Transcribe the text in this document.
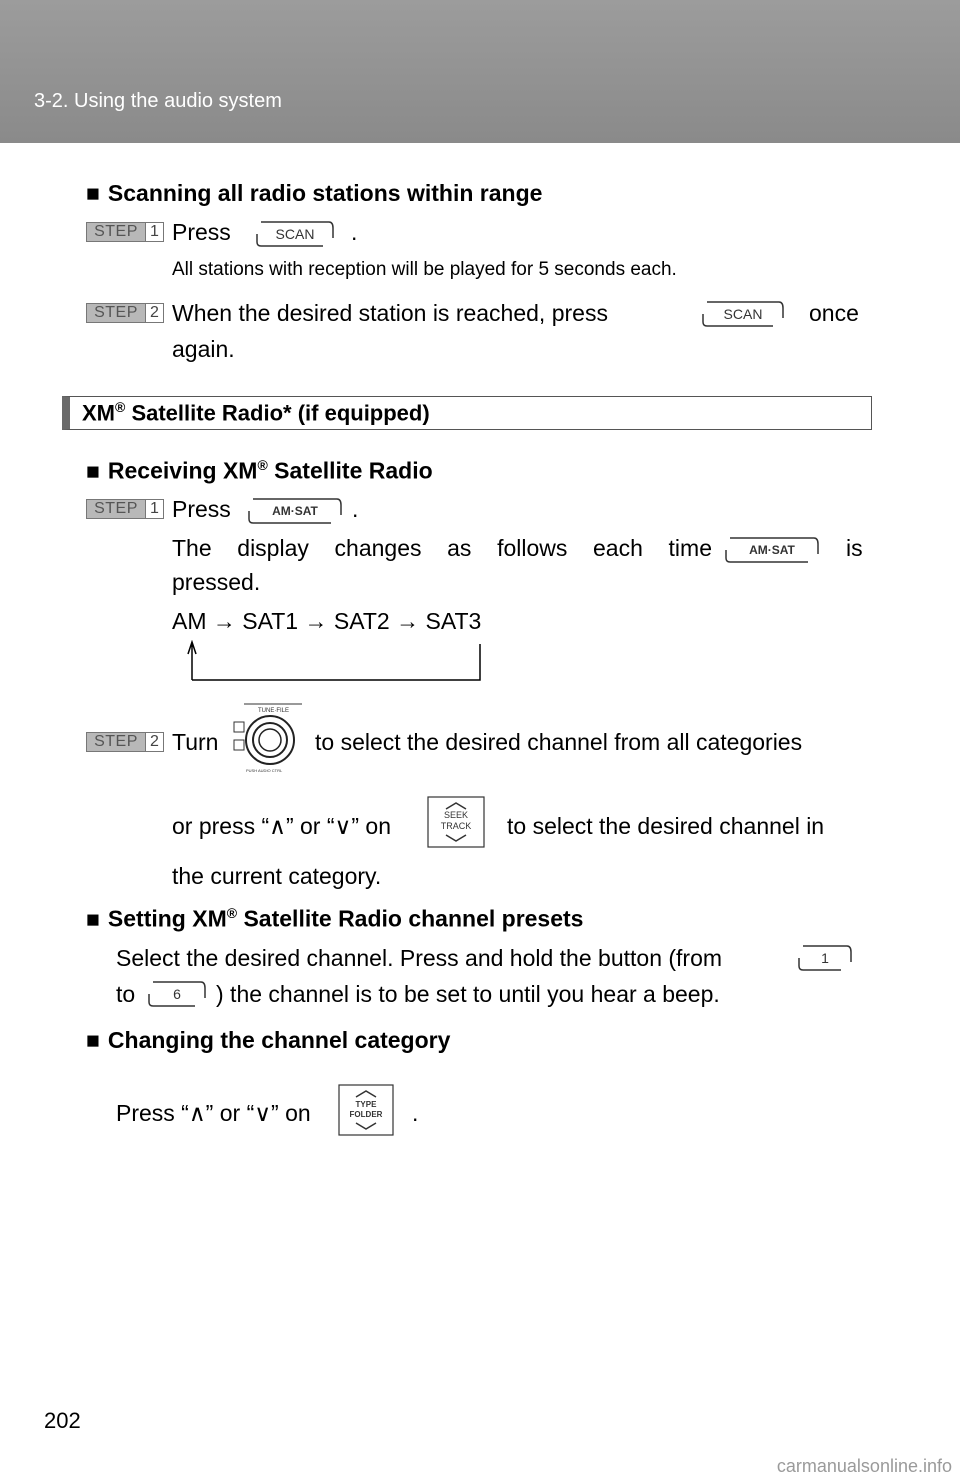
3-2. Using the audio system
■ Scanning all radio stations within range
STEP 1 Press	SCAN .
All stations with reception will be played for 5 seconds each.
STEP 2 When the desired station is reached, press	SCAN once
again.
XM® Satellite Radio* (if equipped)
■ Receiving XM® Satellite Radio
STEP 1 Press	AM·SAT .
The display changes as follows each time	AM·SAT is
pressed.
AM → SAT1 → SAT2 → SAT3
STEP 2 Turn
TUNE·FILE
PUSH AUDIO CTRL
to select the desired channel from all categories
or press “∧” or “∨” on	SEEK
TRACK to select the desired channel in
the current category.
■ Setting XM® Satellite Radio channel presets
Select the desired channel. Press and hold the button (from	1
to	6 ) the channel is to be set to until you hear a beep.
■ Changing the channel category
Press “∧” or “∨” on	TYPE
FOLDER .
202
carmanualsonline.info
